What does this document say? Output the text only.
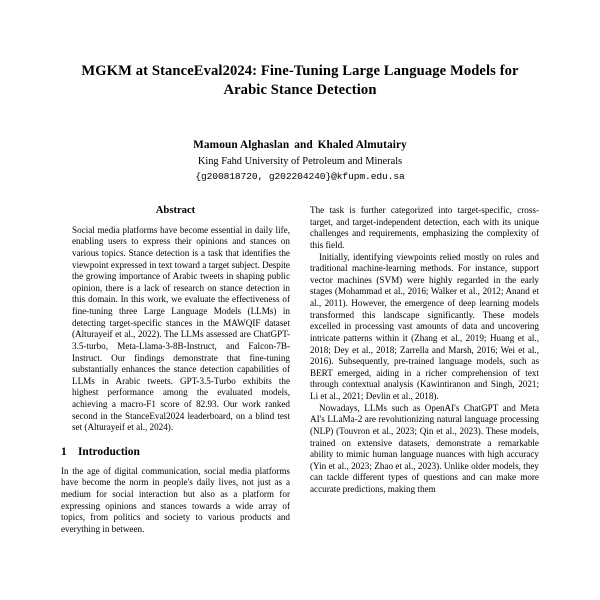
MGKM at StanceEval2024: Fine-Tuning Large Language Models for
Arabic Stance Detection
Mamoun Alghaslan and Khaled Almutairy
King Fahd University of Petroleum and Minerals
{g200818720, g202204240}@kfupm.edu.sa
Abstract

Social media platforms have become essential in daily life, enabling users to express their opinions and stances on various topics. Stance detection is a task that identifies the viewpoint expressed in text toward a target subject. Despite the growing importance of Arabic tweets in shaping public opinion, there is a lack of research on stance detection in this domain. In this work, we evaluate the effectiveness of fine-tuning three Large Language Models (LLMs) in detecting target-specific stances in the MAWQIF dataset (Alturayeif et al., 2022). The LLMs assessed are ChatGPT-3.5-turbo, Meta-Llama-3-8B-Instruct, and Falcon-7B-Instruct. Our findings demonstrate that fine-tuning substantially enhances the stance detection capabilities of LLMs in Arabic tweets. GPT-3.5-Turbo exhibits the highest performance among the evaluated models, achieving a macro-F1 score of 82.93. Our work ranked second in the StanceEval2024 leaderboard, on a blind test set (Alturayeif et al., 2024).

1 Introduction

In the age of digital communication, social media platforms have become the norm in people's daily lives, not just as a medium for social interaction but also as a platform for expressing opinions and stances towards a wide array of topics, from politics and society to various products and everything in between.

The task is further categorized into target-specific, cross-target, and target-independent detection, each with its unique challenges and requirements, emphasizing the complexity of this field.

Initially, identifying viewpoints relied mostly on rules and traditional machine-learning methods. For instance, support vector machines (SVM) were highly regarded in the early stages (Mohammad et al., 2016; Walker et al., 2012; Anand et al., 2011). However, the emergence of deep learning models transformed this landscape significantly. These models excelled in processing vast amounts of data and uncovering intricate patterns within it (Zhang et al., 2019; Huang et al., 2018; Dey et al., 2018; Zarrella and Marsh, 2016; Wei et al., 2016). Subsequently, pre-trained language models, such as BERT emerged, aiding in a richer comprehension of text through contextual analysis (Kawintiranon and Singh, 2021; Li et al., 2021; Devlin et al., 2018).

Nowadays, LLMs such as OpenAI's ChatGPT and Meta AI's LLaMa-2 are revolutionizing natural language processing (NLP) (Touvron et al., 2023; Qin et al., 2023). These models, trained on extensive datasets, demonstrate a remarkable ability to mimic human language nuances with high accuracy (Yin et al., 2023; Zhao et al., 2023). Unlike older models, they can tackle different types of questions and can make more accurate predictions, making them
